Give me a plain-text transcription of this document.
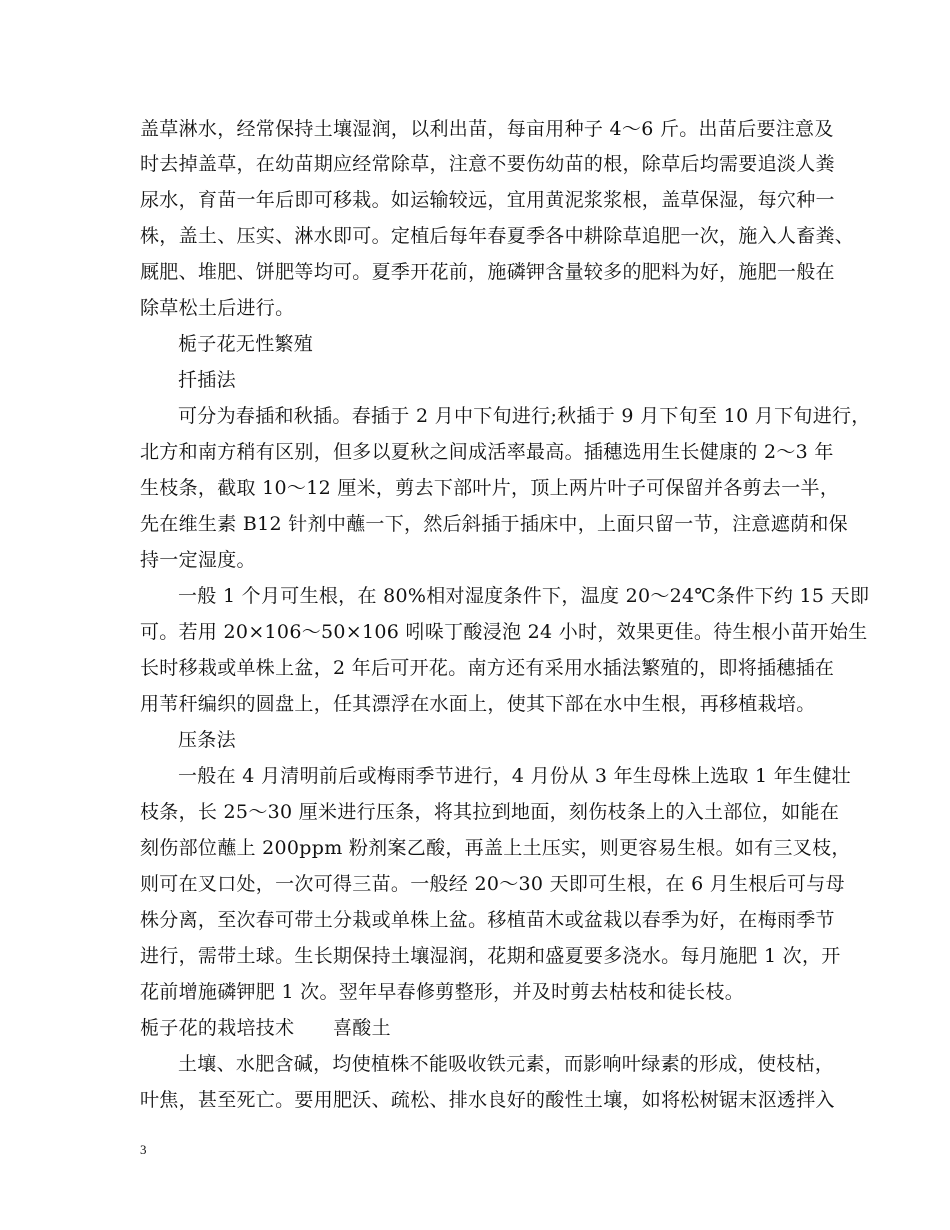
盖草淋水，经常保持土壤湿润，以利出苗，每亩用种子 4～6 斤。出苗后要注意及
时去掉盖草，在幼苗期应经常除草，注意不要伤幼苗的根，除草后均需要追淡人粪
尿水，育苗一年后即可移栽。如运输较远，宜用黄泥浆浆根，盖草保湿，每穴种一
株，盖土、压实、淋水即可。定植后每年春夏季各中耕除草追肥一次，施入人畜粪、
厩肥、堆肥、饼肥等均可。夏季开花前，施磷钾含量较多的肥料为好，施肥一般在
除草松土后进行。
栀子花无性繁殖
扦插法
可分为春插和秋插。春插于 2 月中下旬进行;秋插于 9 月下旬至 10 月下旬进行，
北方和南方稍有区别，但多以夏秋之间成活率最高。插穗选用生长健康的 2～3 年
生枝条，截取 10～12 厘米，剪去下部叶片，顶上两片叶子可保留并各剪去一半，
先在维生素 B12 针剂中蘸一下，然后斜插于插床中，上面只留一节，注意遮荫和保
持一定湿度。
一般 1 个月可生根，在 80%相对湿度条件下，温度 20～24℃条件下约 15 天即
可。若用 20×106～50×106 吲哚丁酸浸泡 24 小时，效果更佳。待生根小苗开始生
长时移栽或单株上盆，2 年后可开花。南方还有采用水插法繁殖的，即将插穗插在
用苇秆编织的圆盘上，任其漂浮在水面上，使其下部在水中生根，再移植栽培。
压条法
一般在 4 月清明前后或梅雨季节进行，4 月份从 3 年生母株上选取 1 年生健壮
枝条，长 25～30 厘米进行压条，将其拉到地面，刻伤枝条上的入土部位，如能在
刻伤部位蘸上 200ppm 粉剂案乙酸，再盖上土压实，则更容易生根。如有三叉枝，
则可在叉口处，一次可得三苗。一般经 20～30 天即可生根，在 6 月生根后可与母
株分离，至次春可带土分栽或单株上盆。移植苗木或盆栽以春季为好，在梅雨季节
进行，需带土球。生长期保持土壤湿润，花期和盛夏要多浇水。每月施肥 1 次，开
花前增施磷钾肥 1 次。翌年早春修剪整形，并及时剪去枯枝和徒长枝。
栀子花的栽培技术　　喜酸土
土壤、水肥含碱，均使植株不能吸收铁元素，而影响叶绿素的形成，使枝枯，
叶焦，甚至死亡。要用肥沃、疏松、排水良好的酸性土壤，如将松树锯末沤透拌入
3
